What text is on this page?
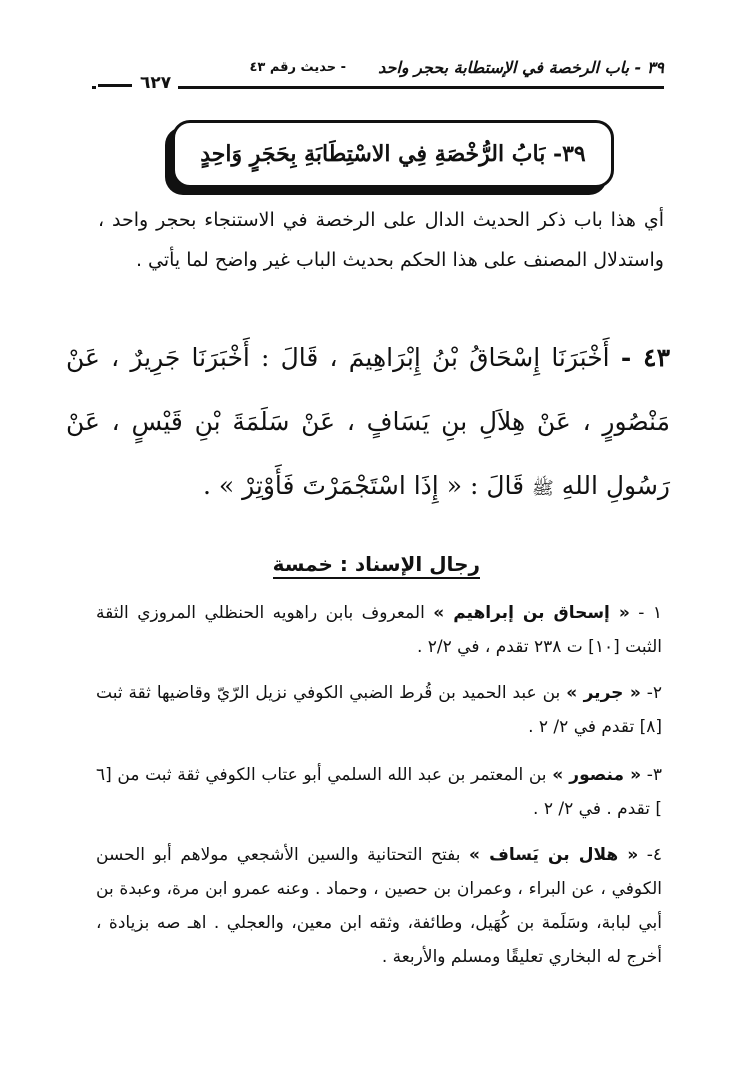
٣٩ - باب الرخصة في الإستطابة بحجر واحد
- حديث رقم ٤٣
٦٢٧
٣٩- بَابُ الرُّخْصَةِ فِي الاسْتِطَابَةِ بِحَجَرٍ وَاحِدٍ
أي هذا باب ذكر الحديث الدال على الرخصة في الاستنجاء بحجر واحد ، واستدلال المصنف على هذا الحكم بحديث الباب غير واضح لما يأتي .
٤٣ - أَخْبَرَنَا إِسْحَاقُ بْنُ إِبْرَاهِيمَ ، قَالَ : أَخْبَرَنَا جَرِيرٌ ، عَنْ مَنْصُورٍ ، عَنْ هِلاَلِ بنِ يَسَافٍ ، عَنْ سَلَمَةَ بْنِ قَيْسٍ ، عَنْ رَسُولِ اللهِ ﷺ قَالَ : « إِذَا اسْتَجْمَرْتَ فَأَوْتِرْ » .
رجال الإسناد : خمسة
١ - « إسحاق بن إبراهيم » المعروف بابن راهويه الحنظلي المروزي الثقة الثبت [١٠] ت ٢٣٨ تقدم ، في ٢/٢ .
٢- « جرير » بن عبد الحميد بن قُرط الضبي الكوفي نزيل الرّيّ وقاضيها ثقة ثبت [٨] تقدم في ٢/ ٢ .
٣- « منصور » بن المعتمر بن عبد الله السلمي أبو عتاب الكوفي ثقة ثبت من [٦ ] تقدم . في ٢/ ٢ .
٤- « هلال بن يَساف » بفتح التحتانية والسين الأشجعي مولاهم أبو الحسن الكوفي ، عن البراء ، وعمران بن حصين ، وحماد . وعنه عمرو ابن مرة، وعبدة بن أبي لبابة، وسَلَمة بن كُهَيل، وطائفة، وثقه ابن معين، والعجلي . اهـ صه بزيادة ، أخرج له البخاري تعليقًا ومسلم والأربعة .
